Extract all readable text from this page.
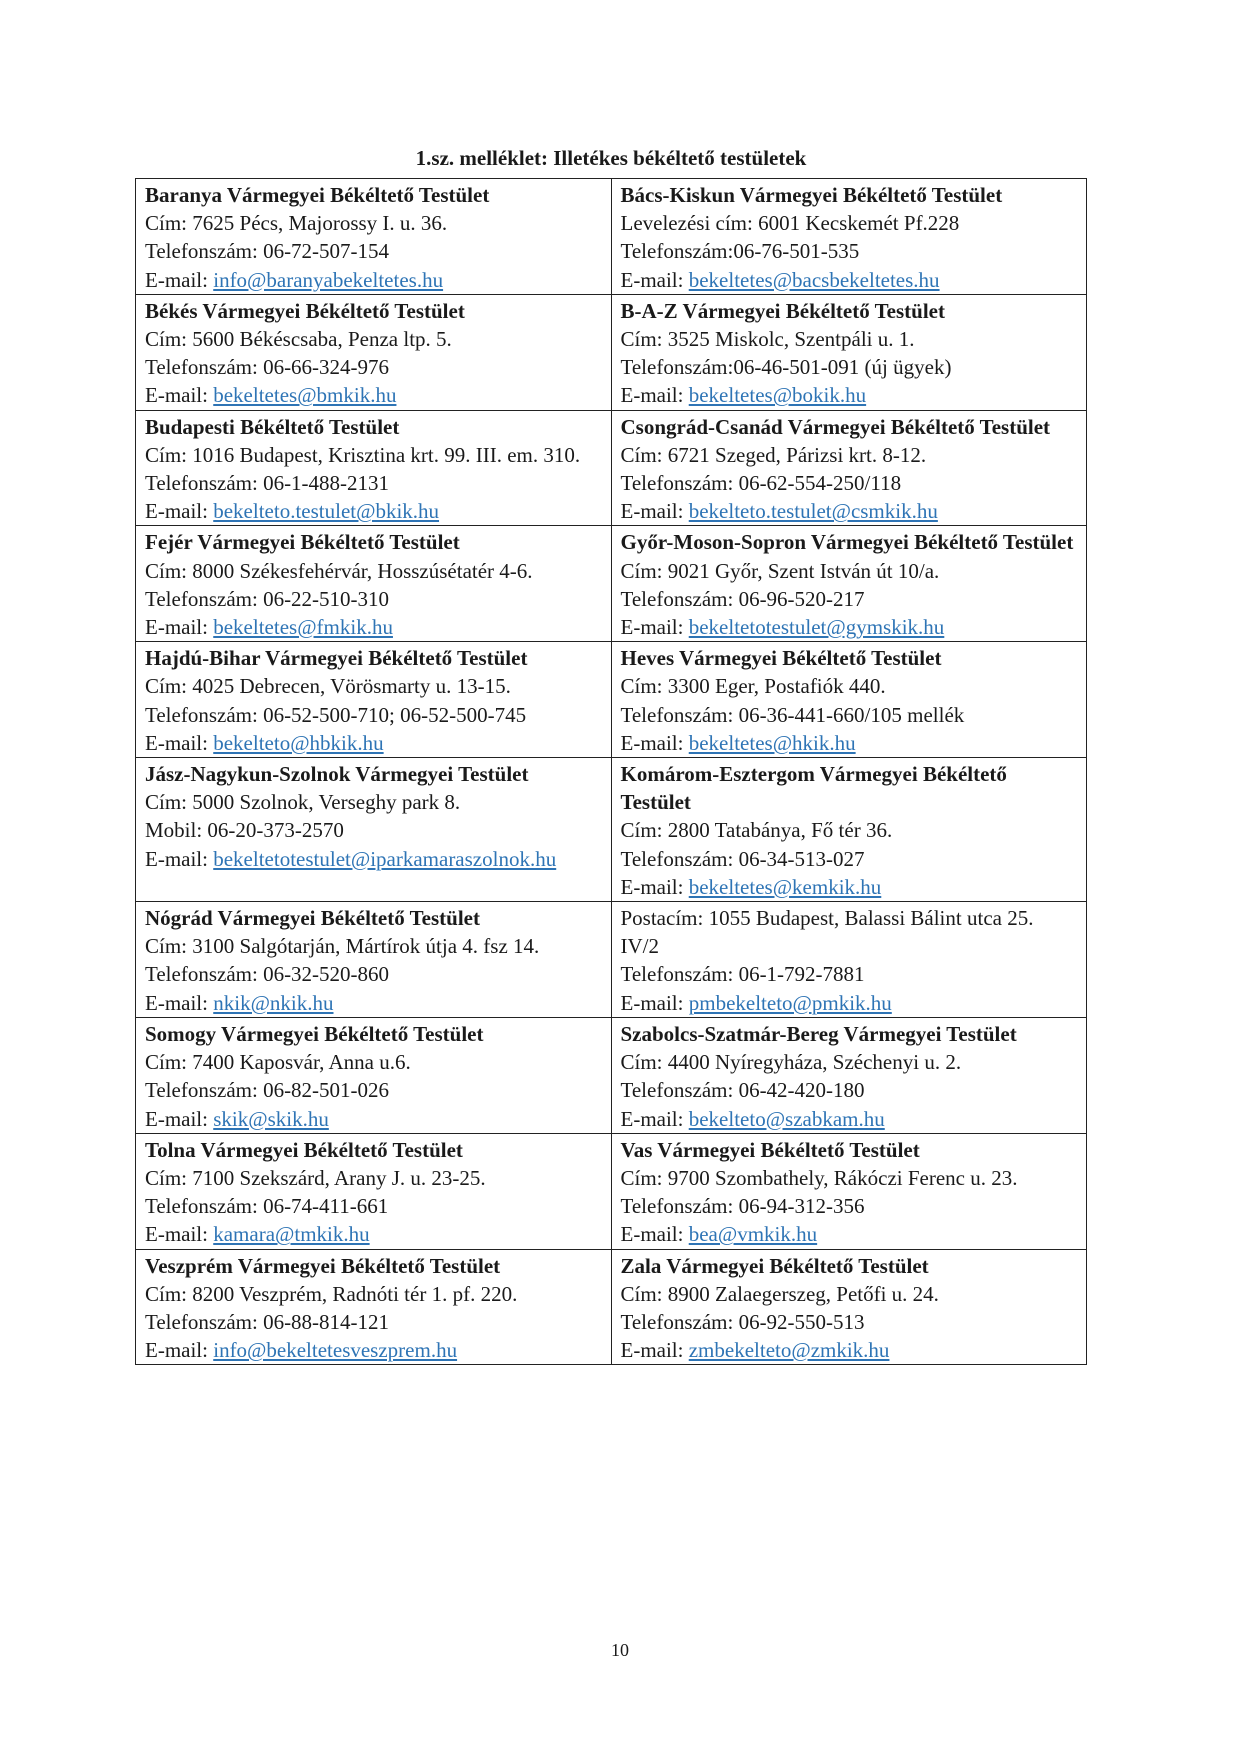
1.sz. melléklet: Illetékes békéltető testületek
Baranya Vármegyei Békéltető Testület
Cím: 7625 Pécs, Majorossy I. u. 36.
Telefonszám: 06-72-507-154
E-mail: info@baranyabekeltetes.hu	Bács-Kiskun Vármegyei Békéltető Testület
Levelezési cím: 6001 Kecskemét Pf.228
Telefonszám:06-76-501-535
E-mail: bekeltetes@bacsbekeltetes.hu

Békés Vármegyei Békéltető Testület
Cím: 5600 Békéscsaba, Penza ltp. 5.
Telefonszám: 06-66-324-976
E-mail: bekeltetes@bmkik.hu	B-A-Z Vármegyei Békéltető Testület
Cím: 3525 Miskolc, Szentpáli u. 1.
Telefonszám:06-46-501-091 (új ügyek)
E-mail: bekeltetes@bokik.hu

Budapesti Békéltető Testület
Cím: 1016 Budapest, Krisztina krt. 99. III. em. 310.
Telefonszám: 06-1-488-2131
E-mail: bekelteto.testulet@bkik.hu	Csongrád-Csanád Vármegyei Békéltető Testület
Cím: 6721 Szeged, Párizsi krt. 8-12.
Telefonszám: 06-62-554-250/118
E-mail: bekelteto.testulet@csmkik.hu

Fejér Vármegyei Békéltető Testület
Cím: 8000 Székesfehérvár, Hosszúsétatér 4-6.
Telefonszám: 06-22-510-310
E-mail: bekeltetes@fmkik.hu	Győr-Moson-Sopron Vármegyei Békéltető Testület
Cím: 9021 Győr, Szent István út 10/a.
Telefonszám: 06-96-520-217
E-mail: bekeltetotestulet@gymskik.hu

Hajdú-Bihar Vármegyei Békéltető Testület
Cím: 4025 Debrecen, Vörösmarty u. 13-15.
Telefonszám: 06-52-500-710; 06-52-500-745
E-mail: bekelteto@hbkik.hu	Heves Vármegyei Békéltető Testület
Cím: 3300 Eger, Postafiók 440.
Telefonszám: 06-36-441-660/105 mellék
E-mail: bekeltetes@hkik.hu

Jász-Nagykun-Szolnok Vármegyei Testület
Cím: 5000 Szolnok, Verseghy park 8.
Mobil: 06-20-373-2570
E-mail: bekeltetotestulet@iparkamaraszolnok.hu	Komárom-Esztergom Vármegyei Békéltető Testület
Cím: 2800 Tatabánya, Fő tér 36.
Telefonszám: 06-34-513-027
E-mail: bekeltetes@kemkik.hu

Nógrád Vármegyei Békéltető Testület
Cím: 3100 Salgótarján, Mártírok útja 4. fsz 14.
Telefonszám: 06-32-520-860
E-mail: nkik@nkik.hu	Postacím: 1055 Budapest, Balassi Bálint utca 25. IV/2
Telefonszám: 06-1-792-7881
E-mail: pmbekelteto@pmkik.hu

Somogy Vármegyei Békéltető Testület
Cím: 7400 Kaposvár, Anna u.6.
Telefonszám: 06-82-501-026
E-mail: skik@skik.hu	Szabolcs-Szatmár-Bereg Vármegyei Testület
Cím: 4400 Nyíregyháza, Széchenyi u. 2.
Telefonszám: 06-42-420-180
E-mail: bekelteto@szabkam.hu

Tolna Vármegyei Békéltető Testület
Cím: 7100 Szekszárd, Arany J. u. 23-25.
Telefonszám: 06-74-411-661
E-mail: kamara@tmkik.hu	Vas Vármegyei Békéltető Testület
Cím: 9700 Szombathely, Rákóczi Ferenc u. 23.
Telefonszám: 06-94-312-356
E-mail: bea@vmkik.hu

Veszprém Vármegyei Békéltető Testület
Cím: 8200 Veszprém, Radnóti tér 1. pf. 220.
Telefonszám: 06-88-814-121
E-mail: info@bekeltetesveszprem.hu	Zala Vármegyei Békéltető Testület
Cím: 8900 Zalaegerszeg, Petőfi u. 24.
Telefonszám: 06-92-550-513
E-mail: zmbekelteto@zmkik.hu
10
